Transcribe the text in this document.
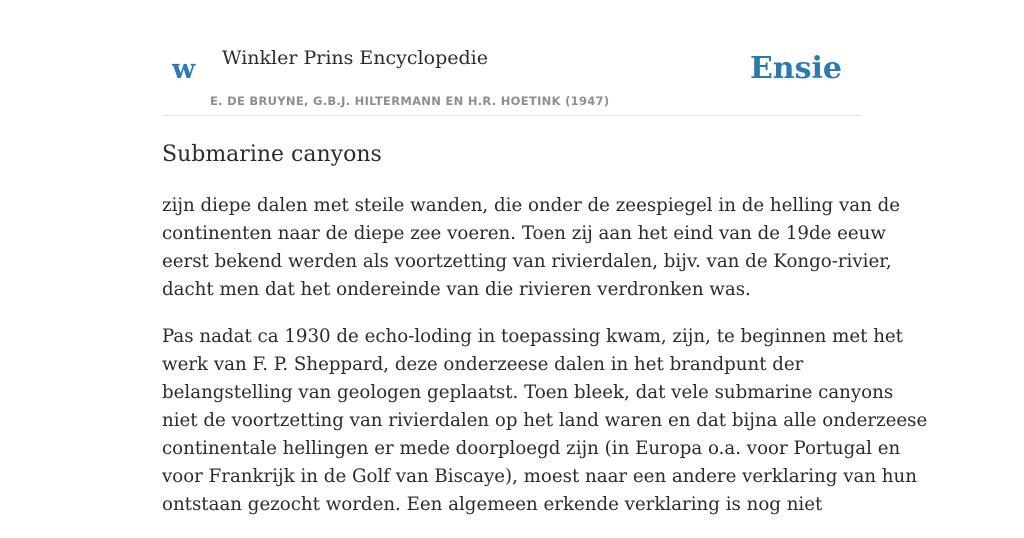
w Winkler Prins Encyclopedie
E. DE BRUYNE, G.B.J. HILTERMANN EN H.R. HOETINK (1947)
Ensie
Submarine canyons

zijn diepe dalen met steile wanden, die onder de zeespiegel in de helling van de
continenten naar de diepe zee voeren. Toen zij aan het eind van de 19de eeuw
eerst bekend werden als voortzetting van rivierdalen, bijv. van de Kongo-rivier,
dacht men dat het ondereinde van die rivieren verdronken was.

Pas nadat ca 1930 de echo-loding in toepassing kwam, zijn, te beginnen met het
werk van F. P. Sheppard, deze onderzeese dalen in het brandpunt der
belangstelling van geologen geplaatst. Toen bleek, dat vele submarine canyons
niet de voortzetting van rivierdalen op het land waren en dat bijna alle onderzeese
continentale hellingen er mede doorploegd zijn (in Europa o.a. voor Portugal en
voor Frankrijk in de Golf van Biscaye), moest naar een andere verklaring van hun
ontstaan gezocht worden. Een algemeen erkende verklaring is nog niet
